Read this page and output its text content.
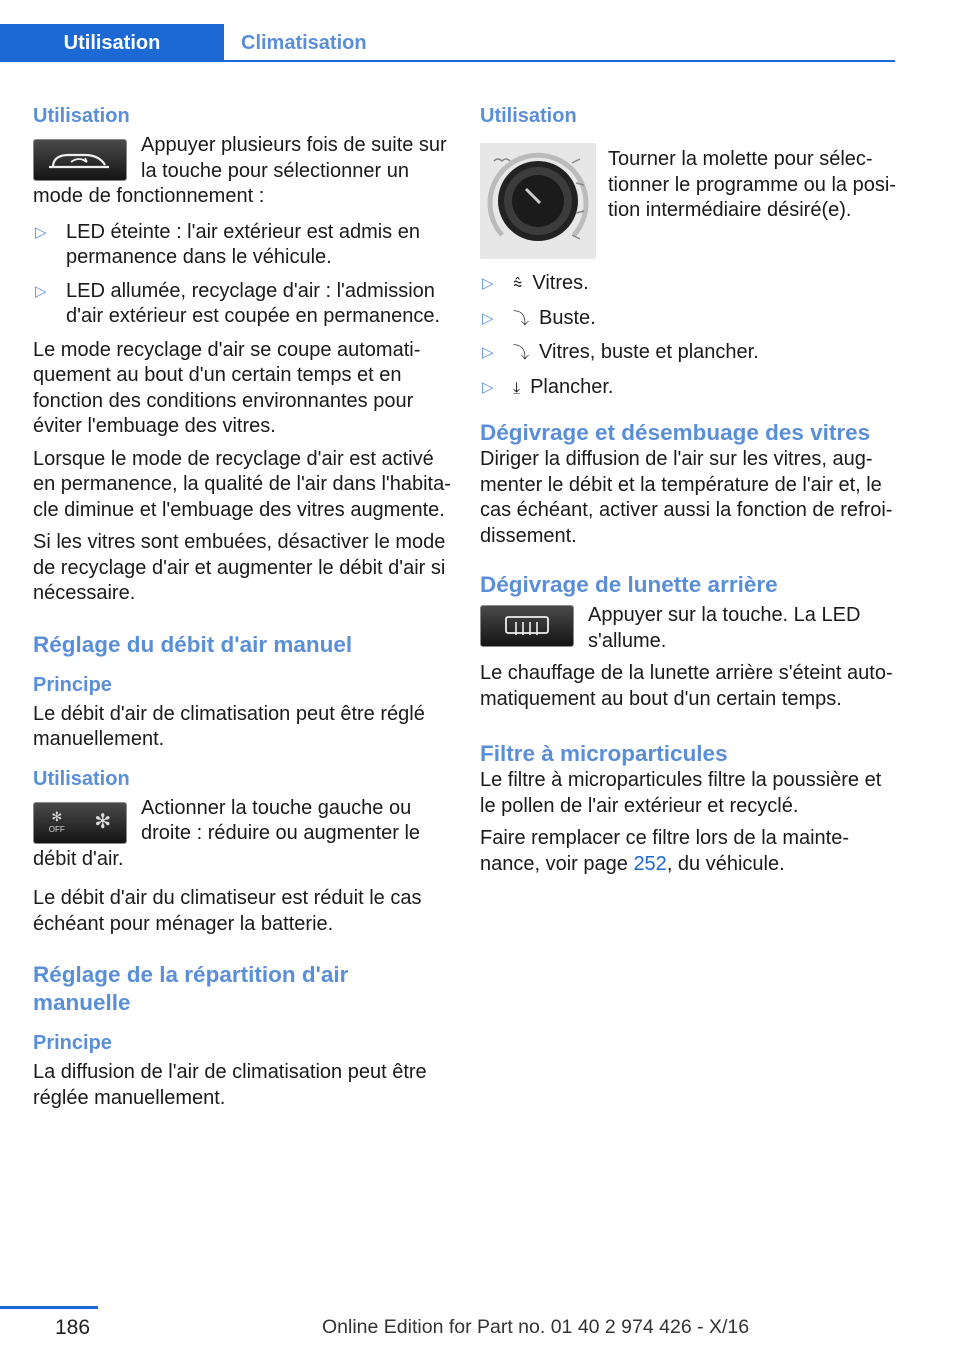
Utilisation	Climatisation
Utilisation

Appuyer plusieurs fois de suite sur la touche pour sélectionner un mode de fonctionnement :

▷ LED éteinte : l'air extérieur est admis en permanence dans le véhicule.
▷ LED allumée, recyclage d'air : l'admission d'air extérieur est coupée en permanence.

Le mode recyclage d'air se coupe automatiquement au bout d'un certain temps et en fonction des conditions environnantes pour éviter l'embuage des vitres.

Lorsque le mode de recyclage d'air est activé en permanence, la qualité de l'air dans l'habitacle diminue et l'embuage des vitres augmente.

Si les vitres sont embuées, désactiver le mode de recyclage d'air et augmenter le débit d'air si nécessaire.

Réglage du débit d'air manuel
Principe

Le débit d'air de climatisation peut être réglé manuellement.

Utilisation
✻
OFF ✻

Actionner la touche gauche ou droite : réduire ou augmenter le débit d'air.

Le débit d'air du climatiseur est réduit le cas échéant pour ménager la batterie.

Réglage de la répartition d'air manuelle
Principe

La diffusion de l'air de climatisation peut être réglée manuellement.

Utilisation

Tourner la molette pour sélectionner le programme ou la position intermédiaire désiré(e).

▷ ⩯ Vitres.
▷ ⤵ Buste.
▷ ⤵ Vitres, buste et plancher.
▷ ⤓ Plancher.
Dégivrage et désembuage des vitres

Diriger la diffusion de l'air sur les vitres, augmenter le débit et la température de l'air et, le cas échéant, activer aussi la fonction de refroidissement.

Dégivrage de lunette arrière

Appuyer sur la touche. La LED s'allume.

Le chauffage de la lunette arrière s'éteint automatiquement au bout d'un certain temps.

Filtre à microparticules

Le filtre à microparticules filtre la poussière et le pollen de l'air extérieur et recyclé.

Faire remplacer ce filtre lors de la maintenance, voir page 252, du véhicule.

186	Online Edition for Part no. 01 40 2 974 426 - X/16
